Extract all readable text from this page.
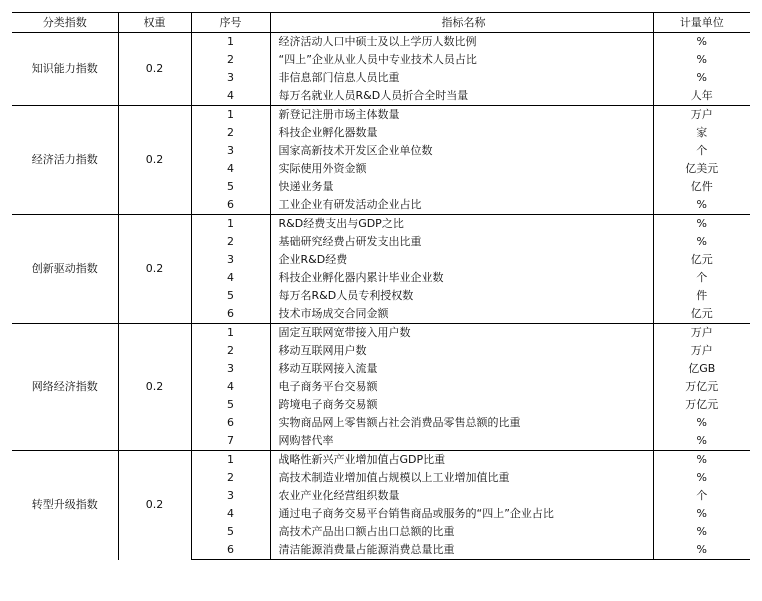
分类指数	权重	序号	指标名称	计量单位
知识能力指数	0.2	1	经济活动人口中硕士及以上学历人数比例	%
		2	“四上”企业从业人员中专业技术人员占比	%
		3	非信息部门信息人员比重	%
		4	每万名就业人员R&D人员折合全时当量	人年
经济活力指数	0.2	1	新登记注册市场主体数量	万户
		2	科技企业孵化器数量	家
		3	国家高新技术开发区企业单位数	个
		4	实际使用外资金额	亿美元
		5	快递业务量	亿件
		6	工业企业有研发活动企业占比	%
创新驱动指数	0.2	1	R&D经费支出与GDP之比	%
		2	基础研究经费占研发支出比重	%
		3	企业R&D经费	亿元
		4	科技企业孵化器内累计毕业企业数	个
		5	每万名R&D人员专利授权数	件
		6	技术市场成交合同金额	亿元
网络经济指数	0.2	1	固定互联网宽带接入用户数	万户
		2	移动互联网用户数	万户
		3	移动互联网接入流量	亿GB
		4	电子商务平台交易额	万亿元
		5	跨境电子商务交易额	万亿元
		6	实物商品网上零售额占社会消费品零售总额的比重	%
		7	网购替代率	%
转型升级指数	0.2	1	战略性新兴产业增加值占GDP比重	%
		2	高技术制造业增加值占规模以上工业增加值比重	%
		3	农业产业化经营组织数量	个
		4	通过电子商务交易平台销售商品或服务的“四上”企业占比	%
		5	高技术产品出口额占出口总额的比重	%
		6	清洁能源消费量占能源消费总量比重	%
